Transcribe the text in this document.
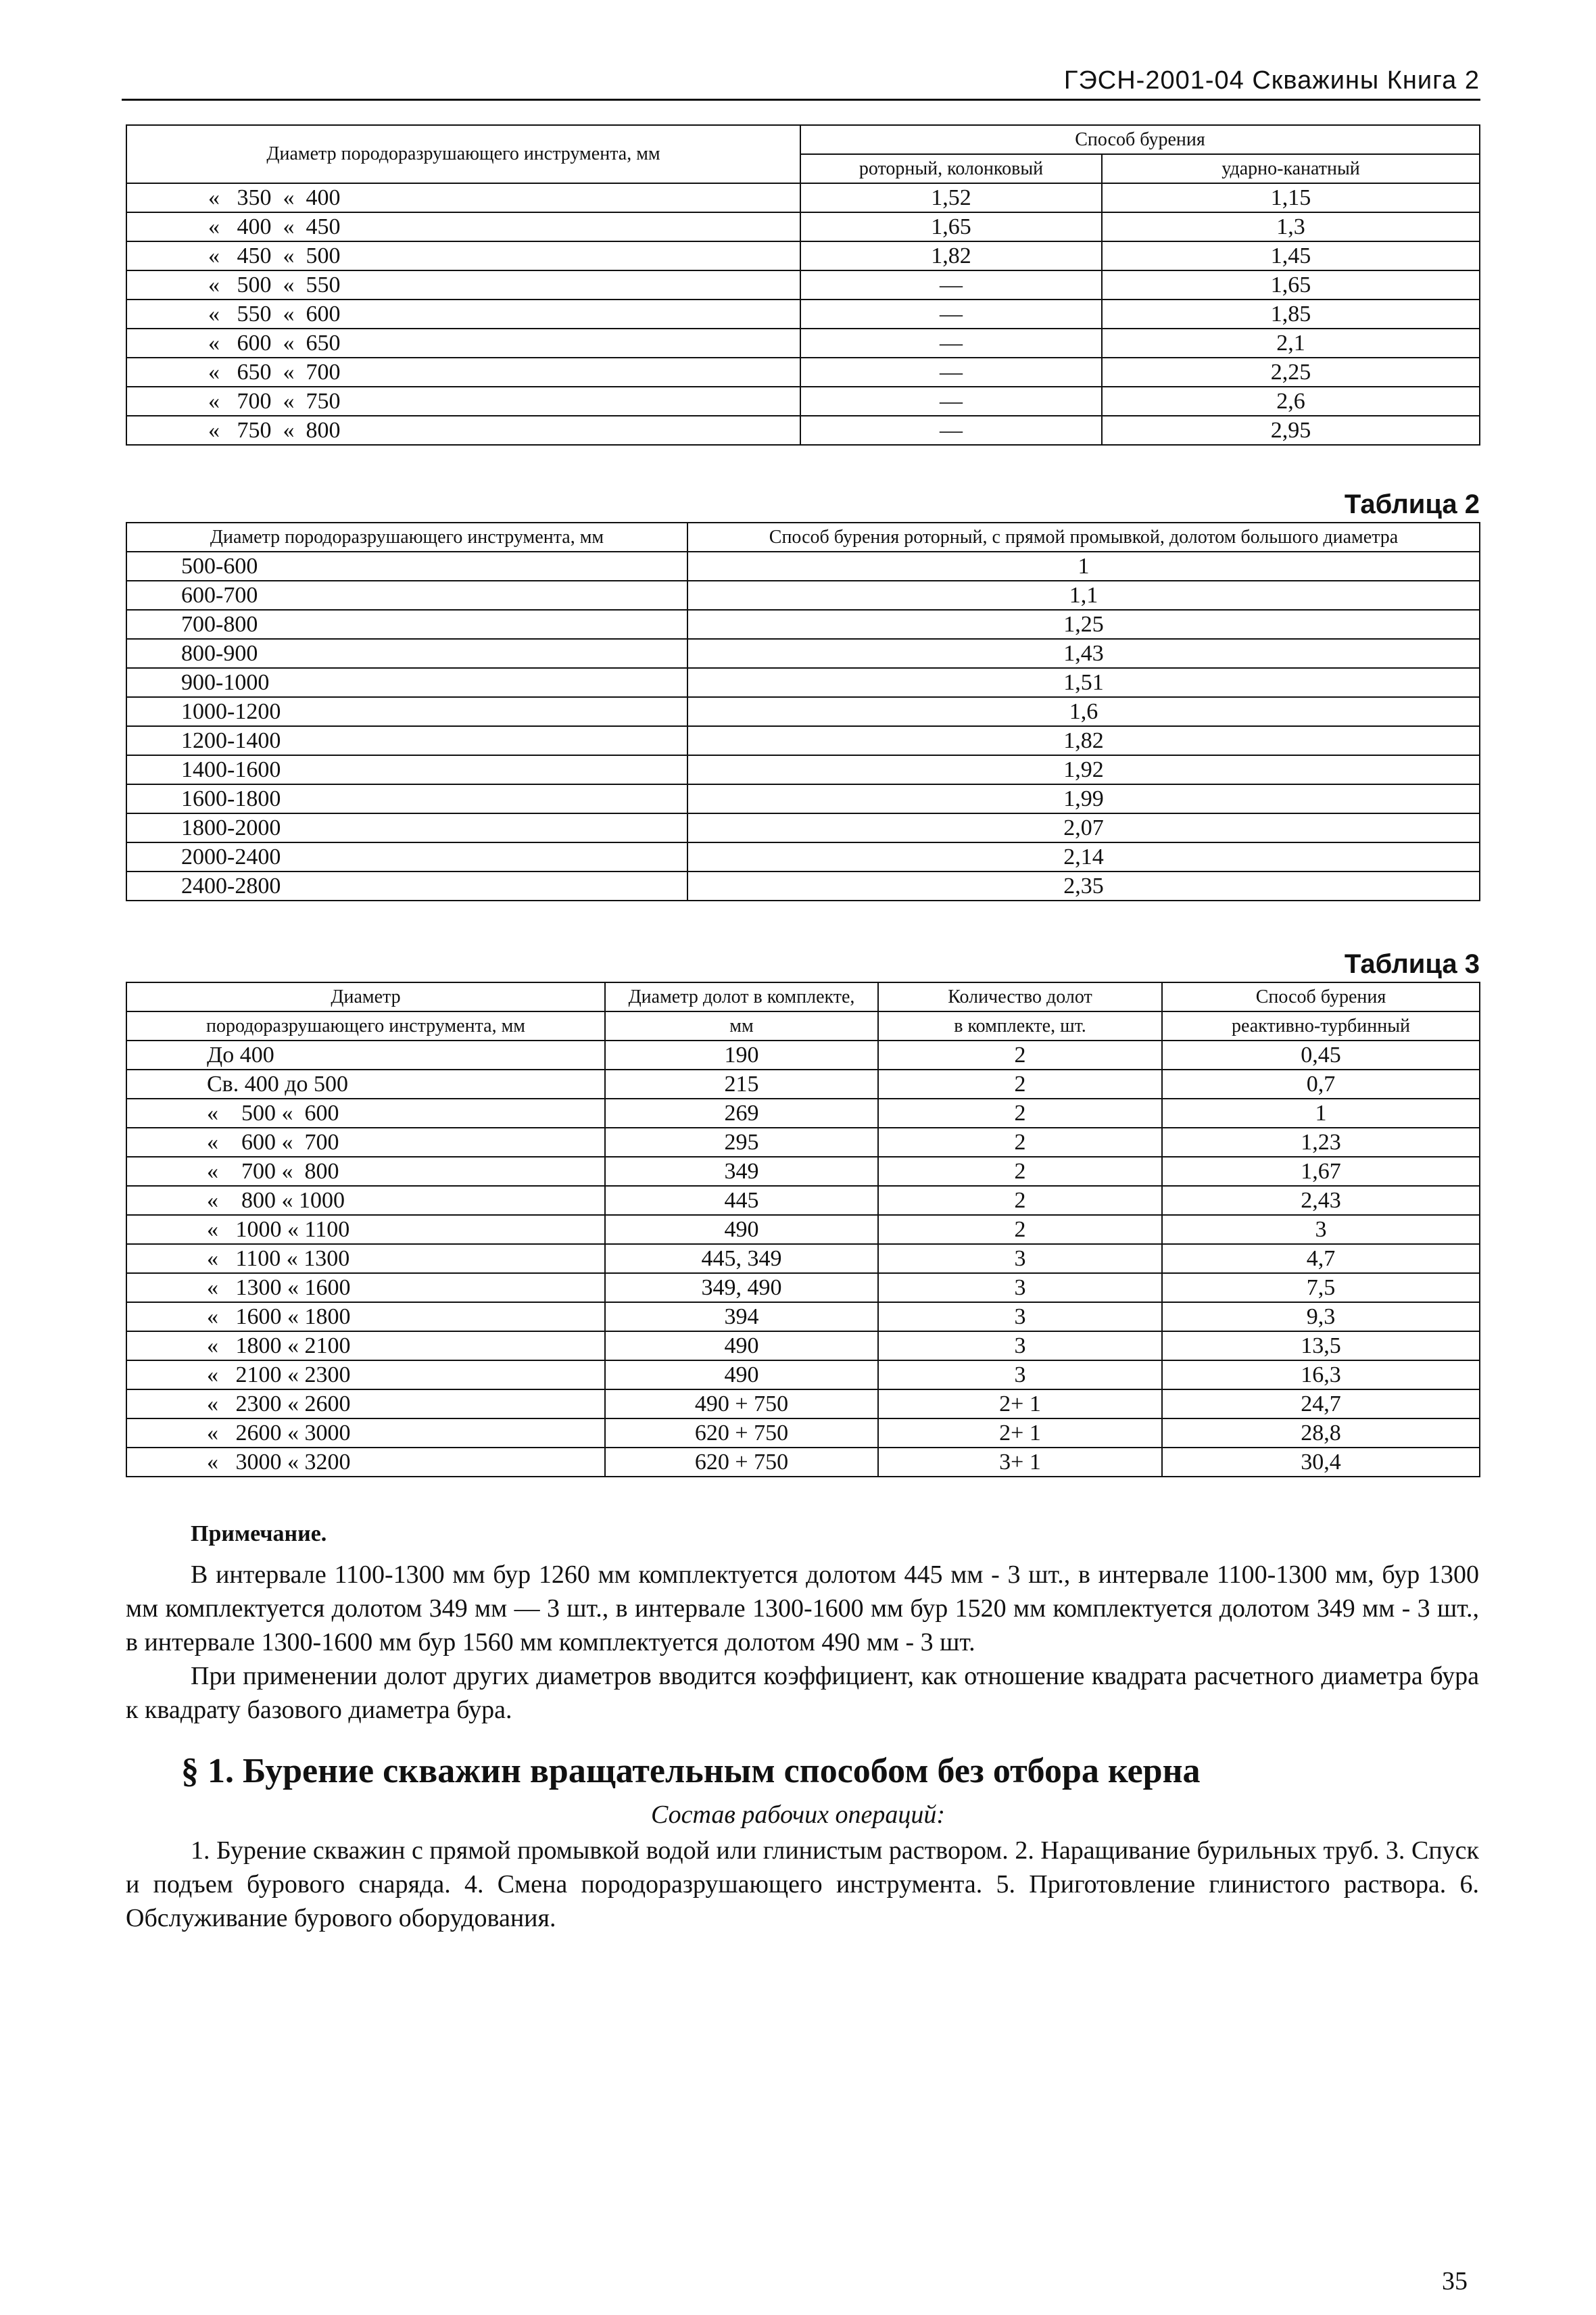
ГЭСН-2001-04 Скважины Книга 2
Диаметр породоразрушающего инструмента, мм	Способ бурения	
	роторный, колонковый	ударно-канатный
«   350  «  400	1,52	1,15
«   400  «  450	1,65	1,3
«   450  «  500	1,82	1,45
«   500  «  550	—	1,65
«   550  «  600	—	1,85
«   600  «  650	—	2,1
«   650  «  700	—	2,25
«   700  «  750	—	2,6
«   750  «  800	—	2,95
Таблица 2
Диаметр породоразрушающего инструмента, мм	Способ бурения роторный, с прямой промывкой, долотом большого диаметра
500-600	1
600-700	1,1
700-800	1,25
800-900	1,43
900-1000	1,51
1000-1200	1,6
1200-1400	1,82
1400-1600	1,92
1600-1800	1,99
1800-2000	2,07
2000-2400	2,14
2400-2800	2,35
Таблица 3
Диаметр	Диаметр долот в комплекте,	Количество долот	Способ бурения
породоразрушающего инструмента, мм	мм	в комплекте, шт.	реактивно-турбинный
До 400	190	2	0,45
Св. 400 до 500	215	2	0,7
«    500 «  600	269	2	1
«    600 «  700	295	2	1,23
«    700 «  800	349	2	1,67
«    800 « 1000	445	2	2,43
«   1000 « 1100	490	2	3
«   1100 « 1300	445, 349	3	4,7
«   1300 « 1600	349, 490	3	7,5
«   1600 « 1800	394	3	9,3
«   1800 « 2100	490	3	13,5
«   2100 « 2300	490	3	16,3
«   2300 « 2600	490 + 750	2+ 1	24,7
«   2600 « 3000	620 + 750	2+ 1	28,8
«   3000 « 3200	620 + 750	3+ 1	30,4
Примечание.
В интервале 1100-1300 мм бур 1260 мм комплектуется долотом 445 мм - 3 шт., в интервале 1100-1300 мм, бур 1300 мм комплектуется долотом 349 мм — 3 шт., в интервале 1300-1600 мм бур 1520 мм комплектуется долотом 349 мм - 3 шт., в интервале 1300-1600 мм бур 1560 мм комплектуется долотом 490 мм - 3 шт.
При применении долот других диаметров вводится коэффициент, как отношение квадрата расчетного диаметра бура к квадрату базового диаметра бура.
§ 1. Бурение скважин вращательным способом без отбора керна
Состав рабочих операций:
1. Бурение скважин с прямой промывкой водой или глинистым раствором. 2. Наращивание бурильных труб. 3. Спуск и подъем бурового снаряда. 4. Смена породоразрушающего инструмента. 5. Приготовление глинистого раствора. 6. Обслуживание бурового оборудования.
35
